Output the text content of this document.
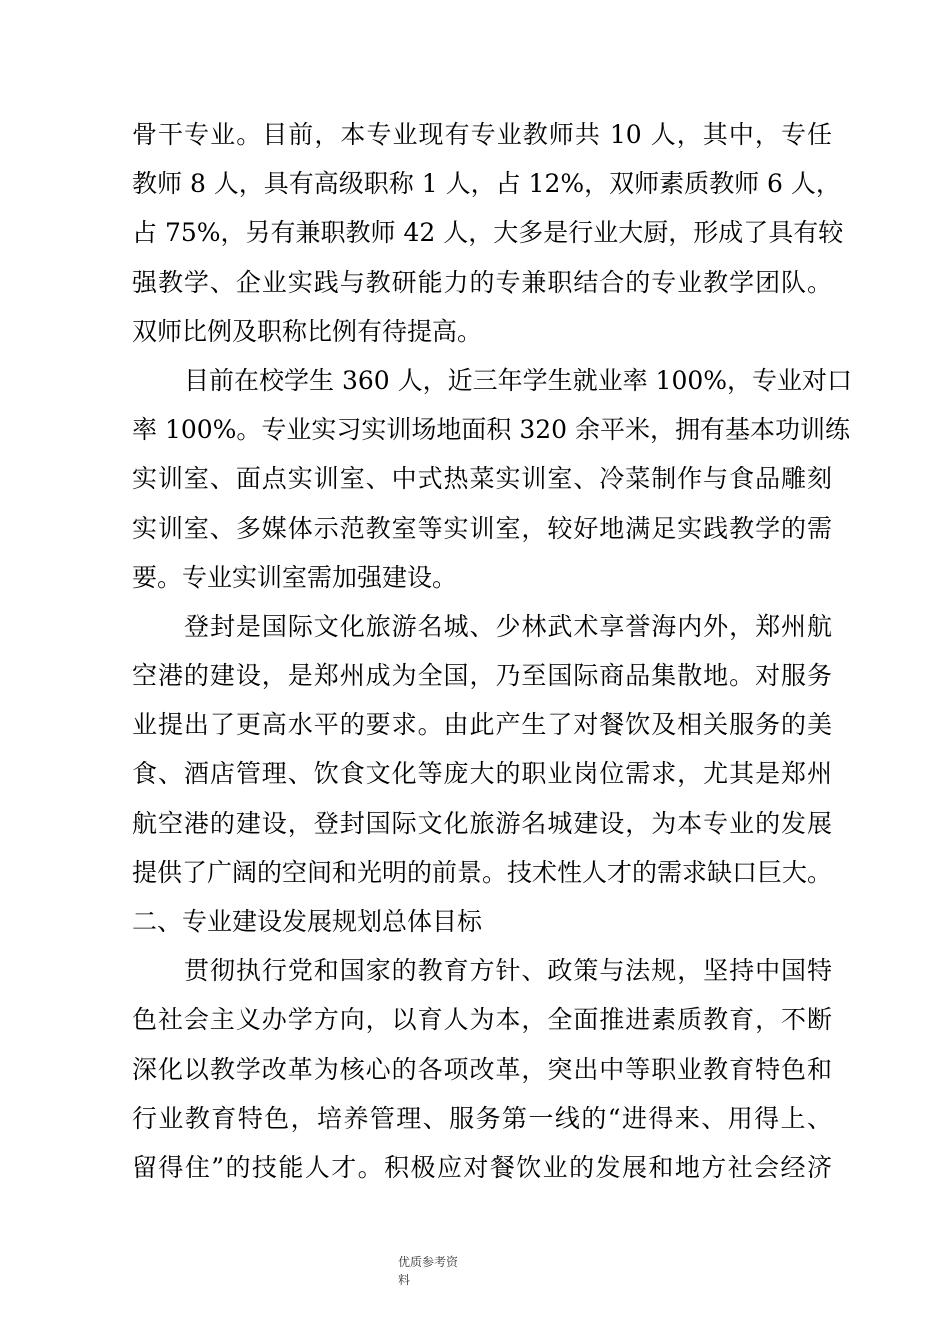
骨干专业。目前，本专业现有专业教师共 10 人，其中，专任
教师 8 人，具有高级职称 1 人，占 12%，双师素质教师 6 人，
占 75%，另有兼职教师 42 人，大多是行业大厨，形成了具有较
强教学、企业实践与教研能力的专兼职结合的专业教学团队。
双师比例及职称比例有待提高。
目前在校学生 360 人，近三年学生就业率 100%，专业对口
率 100%。专业实习实训场地面积 320 余平米，拥有基本功训练
实训室、面点实训室、中式热菜实训室、冷菜制作与食品雕刻
实训室、多媒体示范教室等实训室，较好地满足实践教学的需
要。专业实训室需加强建设。
登封是国际文化旅游名城、少林武术享誉海内外，郑州航
空港的建设，是郑州成为全国，乃至国际商品集散地。对服务
业提出了更高水平的要求。由此产生了对餐饮及相关服务的美
食、酒店管理、饮食文化等庞大的职业岗位需求，尤其是郑州
航空港的建设，登封国际文化旅游名城建设，为本专业的发展
提供了广阔的空间和光明的前景。技术性人才的需求缺口巨大。
二、专业建设发展规划总体目标
贯彻执行党和国家的教育方针、政策与法规，坚持中国特
色社会主义办学方向，以育人为本，全面推进素质教育，不断
深化以教学改革为核心的各项改革，突出中等职业教育特色和
行业教育特色，培养管理、服务第一线的“进得来、用得上、
留得住”的技能人才。积极应对餐饮业的发展和地方社会经济
优质参考资
料
